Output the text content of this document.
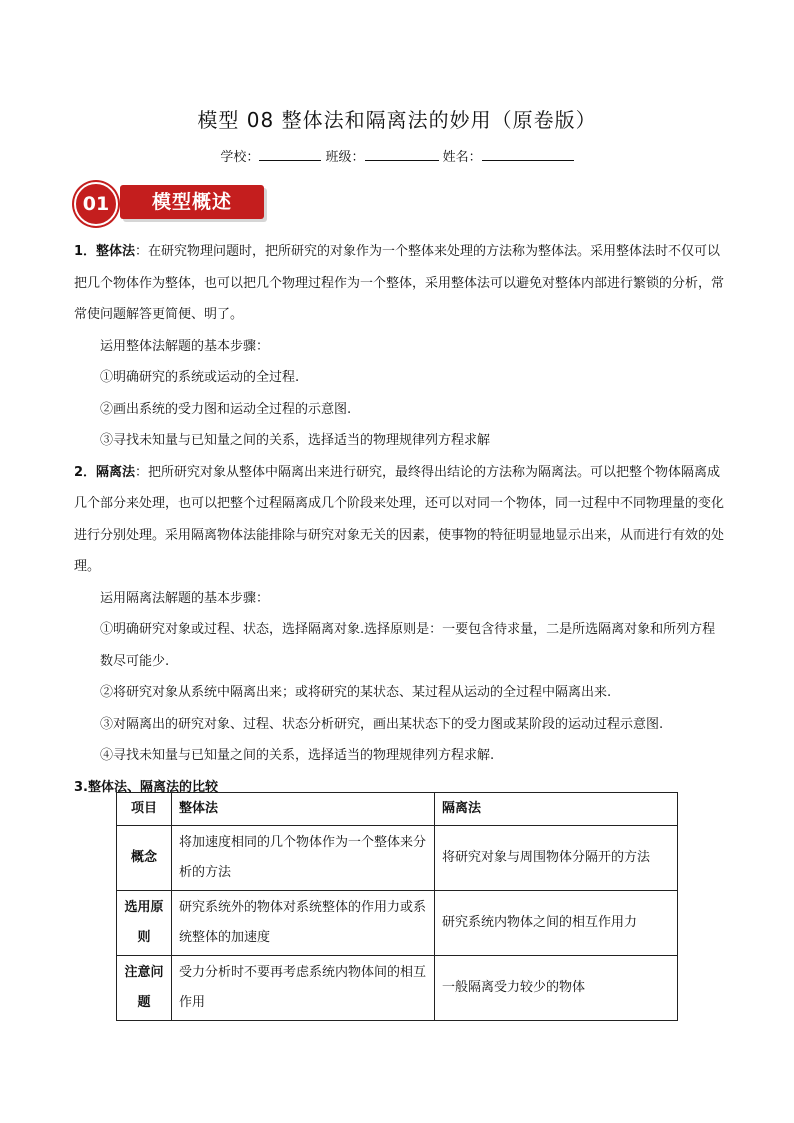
模型 08 整体法和隔离法的妙用（原卷版）
学校：	班级：	姓名：
01	模型概述

1．整体法：在研究物理问题时，把所研究的对象作为一个整体来处理的方法称为整体法。采用整体法时不仅可以把几个物体作为整体，也可以把几个物理过程作为一个整体，采用整体法可以避免对整体内部进行繁锁的分析，常常使问题解答更简便、明了。

运用整体法解题的基本步骤：

①明确研究的系统或运动的全过程.

②画出系统的受力图和运动全过程的示意图.

③寻找未知量与已知量之间的关系，选择适当的物理规律列方程求解

2．隔离法：把所研究对象从整体中隔离出来进行研究，最终得出结论的方法称为隔离法。可以把整个物体隔离成几个部分来处理，也可以把整个过程隔离成几个阶段来处理，还可以对同一个物体，同一过程中不同物理量的变化进行分别处理。采用隔离物体法能排除与研究对象无关的因素，使事物的特征明显地显示出来，从而进行有效的处理。

运用隔离法解题的基本步骤：

①明确研究对象或过程、状态，选择隔离对象.选择原则是：一要包含待求量，二是所选隔离对象和所列方程数尽可能少.

②将研究对象从系统中隔离出来；或将研究的某状态、某过程从运动的全过程中隔离出来.

③对隔离出的研究对象、过程、状态分析研究，画出某状态下的受力图或某阶段的运动过程示意图.

④寻找未知量与已知量之间的关系，选择适当的物理规律列方程求解.

3.整体法、隔离法的比较

项目	整体法	隔离法
概念	将加速度相同的几个物体作为一个整体来分析的方法	将研究对象与周围物体分隔开的方法
选用原则	研究系统外的物体对系统整体的作用力或系统整体的加速度	研究系统内物体之间的相互作用力
注意问题	受力分析时不要再考虑系统内物体间的相互作用	一般隔离受力较少的物体
